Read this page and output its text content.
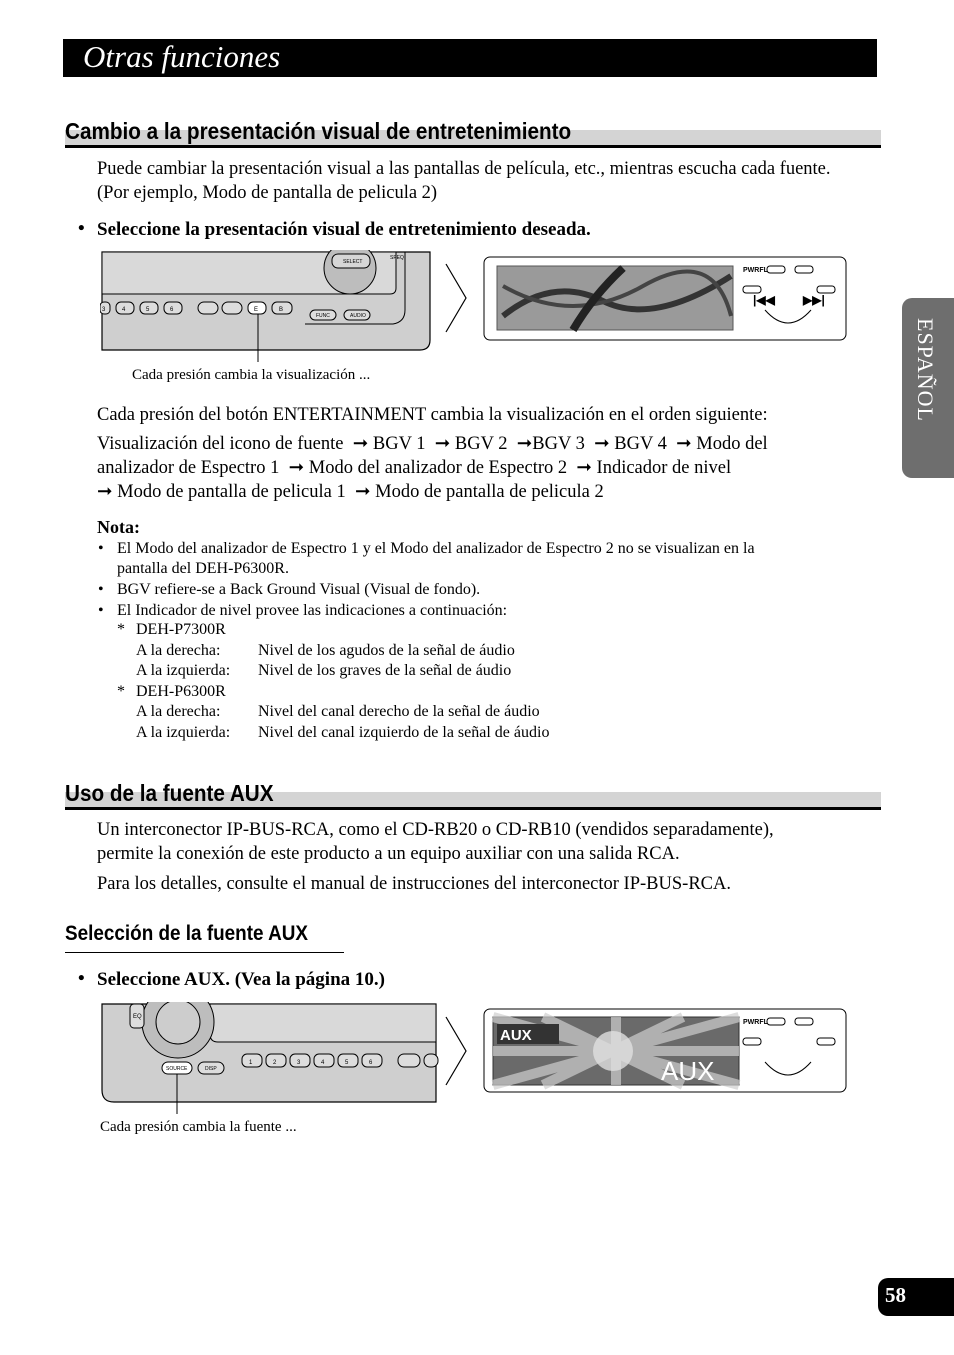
Otras funciones
ESPAÑOL
Cambio a la presentación visual de entretenimiento
Puede cambiar la presentación visual a las pantallas de película, etc., mientras escucha cada fuente. (Por ejemplo, Modo de pantalla de pelicula 2)
• Seleccione la presentación visual de entretenimiento deseada.
SELECT
SPEQ
3	4	5	6	E	B
FUNC	AUDIO
PWRFL
|◀◀ ▶▶|
Cada presión cambia la visualización ...
Cada presión del botón ENTERTAINMENT cambia la visualización en el orden siguiente:
Visualización del icono de fuente  ➞ BGV 1  ➞ BGV 2  ➞BGV 3  ➞ BGV 4  ➞ Modo del
analizador de Espectro 1  ➞ Modo del analizador de Espectro 2  ➞ Indicador de nivel
➞ Modo de pantalla de pelicula 1  ➞ Modo de pantalla de pelicula 2
Nota:
• El Modo del analizador de Espectro 1 y el Modo del analizador de Espectro 2 no se visualizan en la
pantalla del DEH-P6300R.
• BGV refiere-se a Back Ground Visual (Visual de fondo).
• El Indicador de nivel provee las indicaciones a continuación:
* DEH-P7300R
A la derecha: Nivel de los agudos de la señal de áudio
A la izquierda: Nivel de los graves de la señal de áudio
* DEH-P6300R
A la derecha: Nivel del canal derecho de la señal de áudio
A la izquierda: Nivel del canal izquierdo de la señal de áudio
Uso de la fuente AUX
Un interconector IP-BUS-RCA, como el CD-RB20 o CD-RB10 (vendidos separadamente),
permite la conexión de este producto a un equipo auxiliar con una salida RCA.
Para los detalles, consulte el manual de instrucciones del interconector IP-BUS-RCA.
Selección de la fuente AUX
• Seleccione AUX. (Vea la página 10.)
EQ
SOURCE	DISP
1	2	3	4	5	6
AUX
AUX
PWRFL
Cada presión cambia la fuente ...
58
